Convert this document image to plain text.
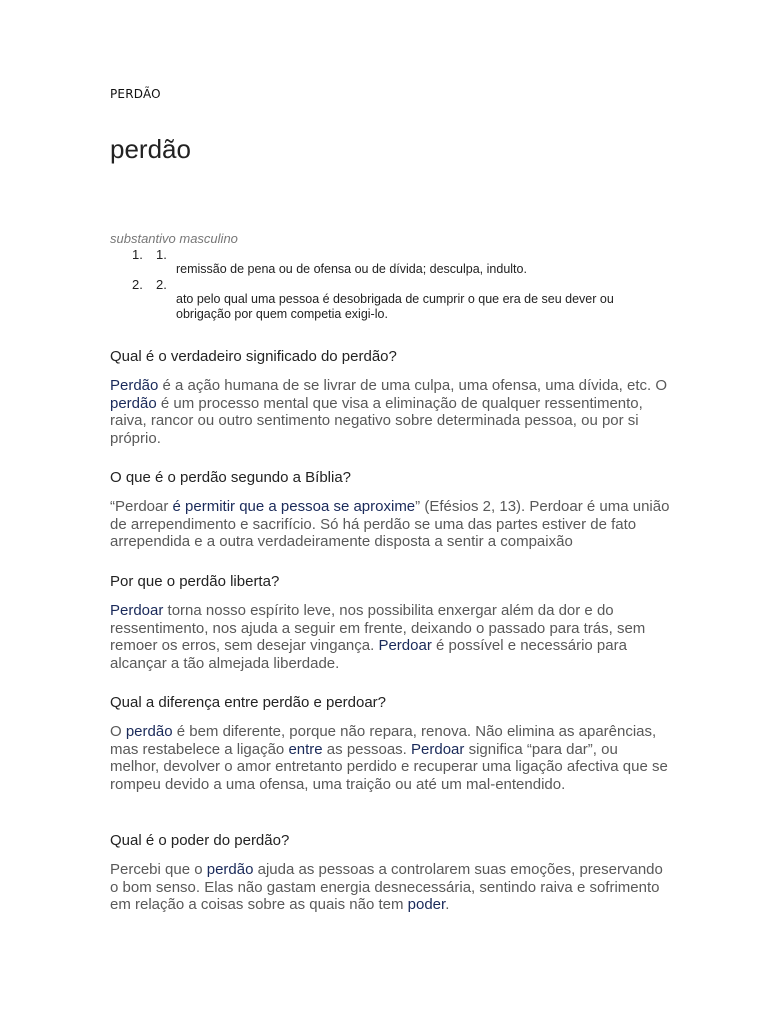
PERDÃO
perdão
substantivo masculino
1. 1.
remissão de pena ou de ofensa ou de dívida; desculpa, indulto.
2. 2.
ato pelo qual uma pessoa é desobrigada de cumprir o que era de seu dever ou obrigação por quem competia exigi-lo.
Qual é o verdadeiro significado do perdão?

Perdão é a ação humana de se livrar de uma culpa, uma ofensa, uma dívida, etc. O perdão é um processo mental que visa a eliminação de qualquer ressentimento, raiva, rancor ou outro sentimento negativo sobre determinada pessoa, ou por si próprio.

O que é o perdão segundo a Bíblia?

“Perdoar é permitir que a pessoa se aproxime” (Efésios 2, 13). Perdoar é uma união de arrependimento e sacrifício. Só há perdão se uma das partes estiver de fato arrependida e a outra verdadeiramente disposta a sentir a compaixão

Por que o perdão liberta?

Perdoar torna nosso espírito leve, nos possibilita enxergar além da dor e do ressentimento, nos ajuda a seguir em frente, deixando o passado para trás, sem remoer os erros, sem desejar vingança. Perdoar é possível e necessário para alcançar a tão almejada liberdade.

Qual a diferença entre perdão e perdoar?

O perdão é bem diferente, porque não repara, renova. Não elimina as aparências, mas restabelece a ligação entre as pessoas. Perdoar significa “para dar”, ou melhor, devolver o amor entretanto perdido e recuperar uma ligação afectiva que se rompeu devido a uma ofensa, uma traição ou até um mal-entendido.

Qual é o poder do perdão?

Percebi que o perdão ajuda as pessoas a controlarem suas emoções, preservando o bom senso. Elas não gastam energia desnecessária, sentindo raiva e sofrimento em relação a coisas sobre as quais não tem poder.
